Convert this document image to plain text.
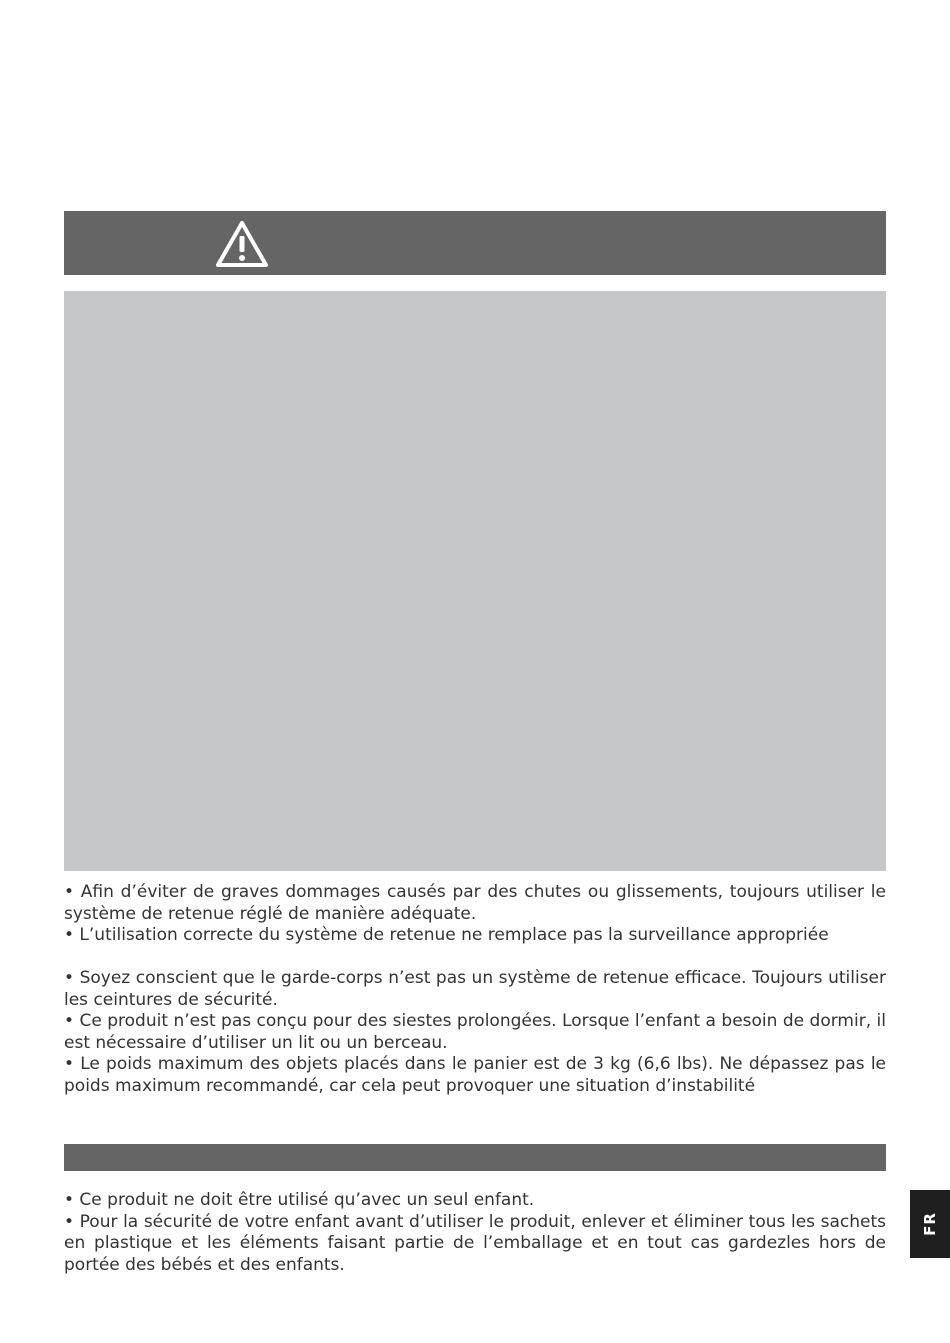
• Afin d’éviter de graves dommages causés par des chutes ou glissements, toujours utiliser le système de retenue réglé de manière adéquate.

• L’utilisation correcte du système de retenue ne remplace pas la surveillance appropriée

• Soyez conscient que le garde-corps n’est pas un système de retenue efficace. Toujours utiliser les ceintures de sécurité.

• Ce produit n’est pas conçu pour des siestes prolongées. Lorsque l’enfant a besoin de dormir, il est nécessaire d’utiliser un lit ou un berceau.

• Le poids maximum des objets placés dans le panier est de 3 kg (6,6 lbs). Ne dépassez pas le poids maximum recommandé, car cela peut provoquer une situation d’instabilité

• Ce produit ne doit être utilisé qu’avec un seul enfant.

• Pour la sécurité de votre enfant avant d’utiliser le produit, enlever et éliminer tous les sachets en plastique et les éléments faisant partie de l’emballage et en tout cas gardezles hors de portée des bébés et des enfants.

FR
